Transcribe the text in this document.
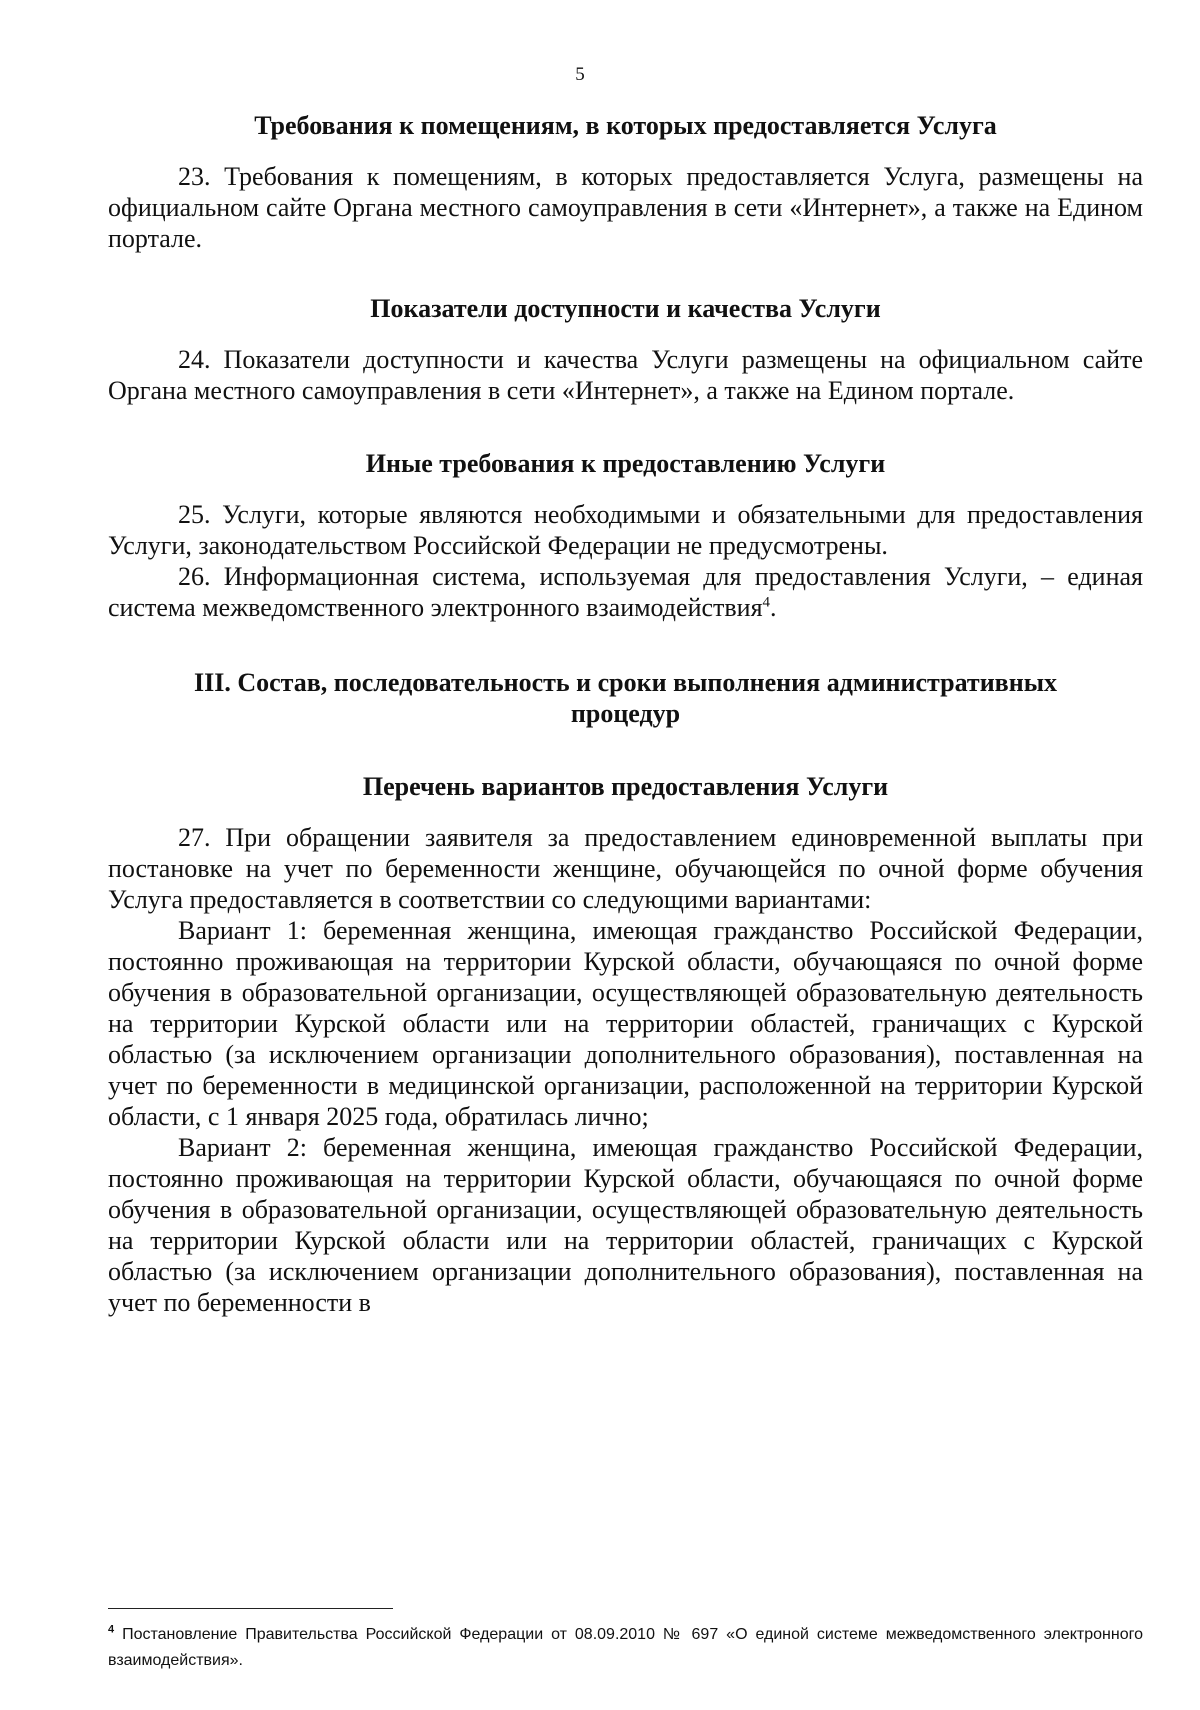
5

Требования к помещениям, в которых предоставляется Услуга

23. Требования к помещениям, в которых предоставляется Услуга, размещены на официальном сайте Органа местного самоуправления в сети «Интернет», а также на Едином портале.

Показатели доступности и качества Услуги

24. Показатели доступности и качества Услуги размещены на официальном сайте Органа местного самоуправления в сети «Интернет», а также на Едином портале.

Иные требования к предоставлению Услуги

25. Услуги, которые являются необходимыми и обязательными для предоставления Услуги, законодательством Российской Федерации не предусмотрены.

26. Информационная система, используемая для предоставления Услуги, – единая система межведомственного электронного взаимодействия$^4$.

III. Состав, последовательность и сроки выполнения административных процедур

Перечень вариантов предоставления Услуги

27. При обращении заявителя за предоставлением единовременной выплаты при постановке на учет по беременности женщине, обучающейся по очной форме обучения Услуга предоставляется в соответствии со следующими вариантами:

Вариант 1: беременная женщина, имеющая гражданство Российской Федерации, постоянно проживающая на территории Курской области, обучающаяся по очной форме обучения в образовательной организации, осуществляющей образовательную деятельность на территории Курской области или на территории областей, граничащих с Курской областью (за исключением организации дополнительного образования), поставленная на учет по беременности в медицинской организации, расположенной на территории Курской области, с 1 января 2025 года, обратилась лично;

Вариант 2: беременная женщина, имеющая гражданство Российской Федерации, постоянно проживающая на территории Курской области, обучающаяся по очной форме обучения в образовательной организации, осуществляющей образовательную деятельность на территории Курской области или на территории областей, граничащих с Курской областью (за исключением организации дополнительного образования), поставленная на учет по беременности в

$^4$ Постановление Правительства Российской Федерации от 08.09.2010 № 697 «О единой системе межведомственного электронного взаимодействия».
